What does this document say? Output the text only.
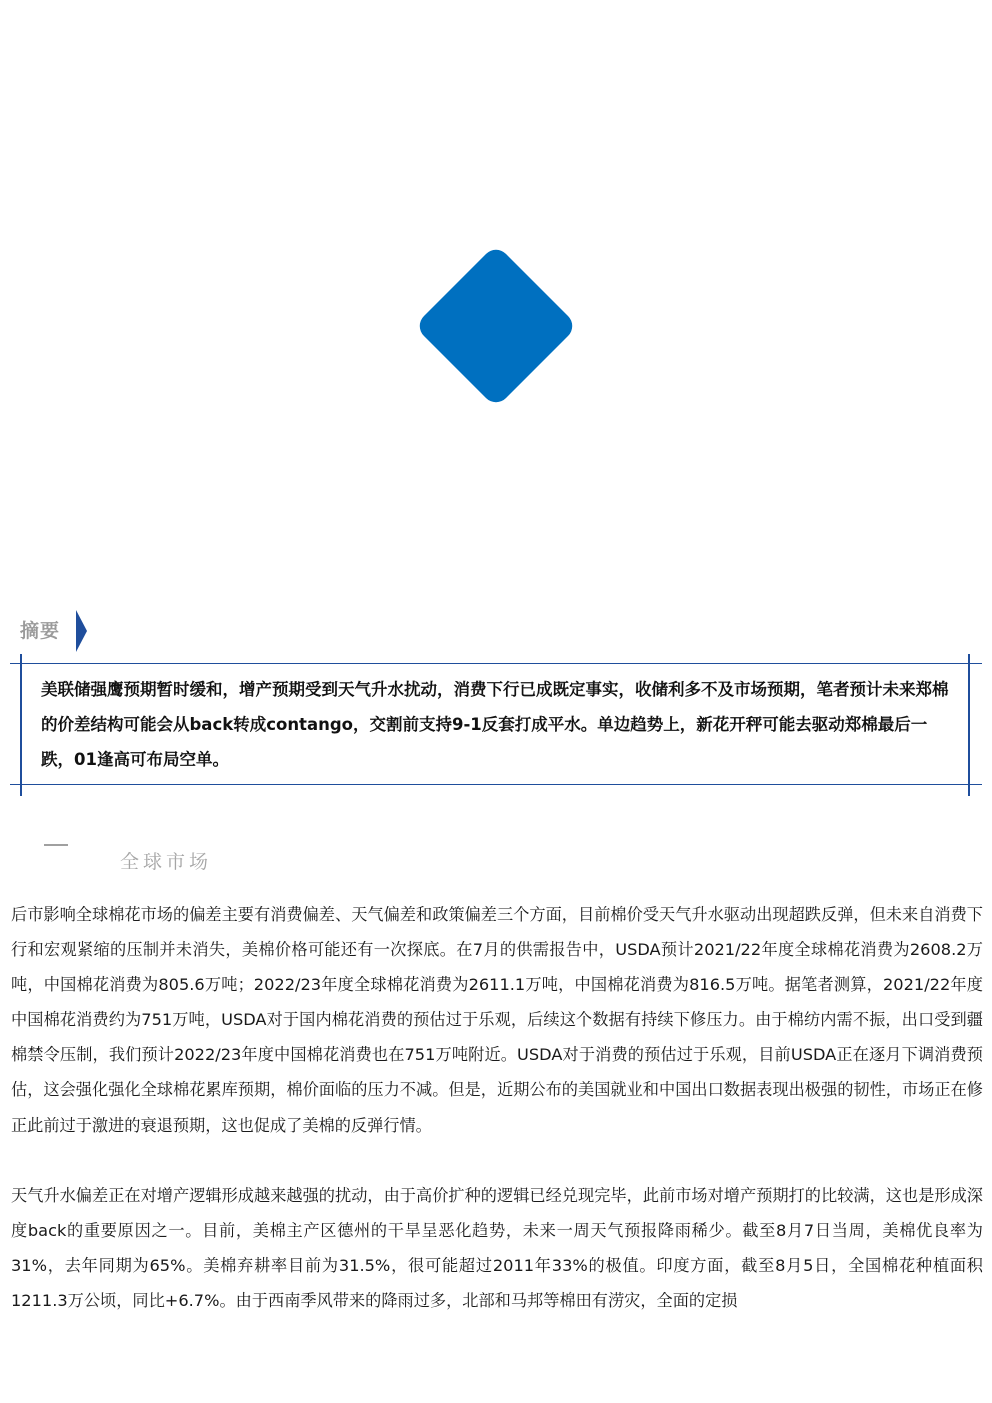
摘要

美联储强鹰预期暂时缓和，增产预期受到天气升水扰动，消费下行已成既定事实，收储利多不及市场预期，笔者预计未来郑棉的价差结构可能会从back转成contango，交割前支持9-1反套打成平水。单边趋势上，新花开秤可能去驱动郑棉最后一跌，01逢高可布局空单。

全球市场

后市影响全球棉花市场的偏差主要有消费偏差、天气偏差和政策偏差三个方面，目前棉价受天气升水驱动出现超跌反弹，但未来自消费下行和宏观紧缩的压制并未消失，美棉价格可能还有一次探底。在7月的供需报告中，USDA预计2021/22年度全球棉花消费为2608.2万吨，中国棉花消费为805.6万吨；2022/23年度全球棉花消费为2611.1万吨，中国棉花消费为816.5万吨。据笔者测算，2021/22年度中国棉花消费约为751万吨，USDA对于国内棉花消费的预估过于乐观，后续这个数据有持续下修压力。由于棉纺内需不振，出口受到疆棉禁令压制，我们预计2022/23年度中国棉花消费也在751万吨附近。USDA对于消费的预估过于乐观，目前USDA正在逐月下调消费预估，这会强化强化全球棉花累库预期，棉价面临的压力不减。但是，近期公布的美国就业和中国出口数据表现出极强的韧性，市场正在修正此前过于激进的衰退预期，这也促成了美棉的反弹行情。

天气升水偏差正在对增产逻辑形成越来越强的扰动，由于高价扩种的逻辑已经兑现完毕，此前市场对增产预期打的比较满，这也是形成深度back的重要原因之一。目前，美棉主产区德州的干旱呈恶化趋势，未来一周天气预报降雨稀少。截至8月7日当周，美棉优良率为31%，去年同期为65%。美棉弃耕率目前为31.5%，很可能超过2011年33%的极值。印度方面，截至8月5日，全国棉花种植面积1211.3万公顷，同比+6.7%。由于西南季风带来的降雨过多，北部和马邦等棉田有涝灾，全面的定损
